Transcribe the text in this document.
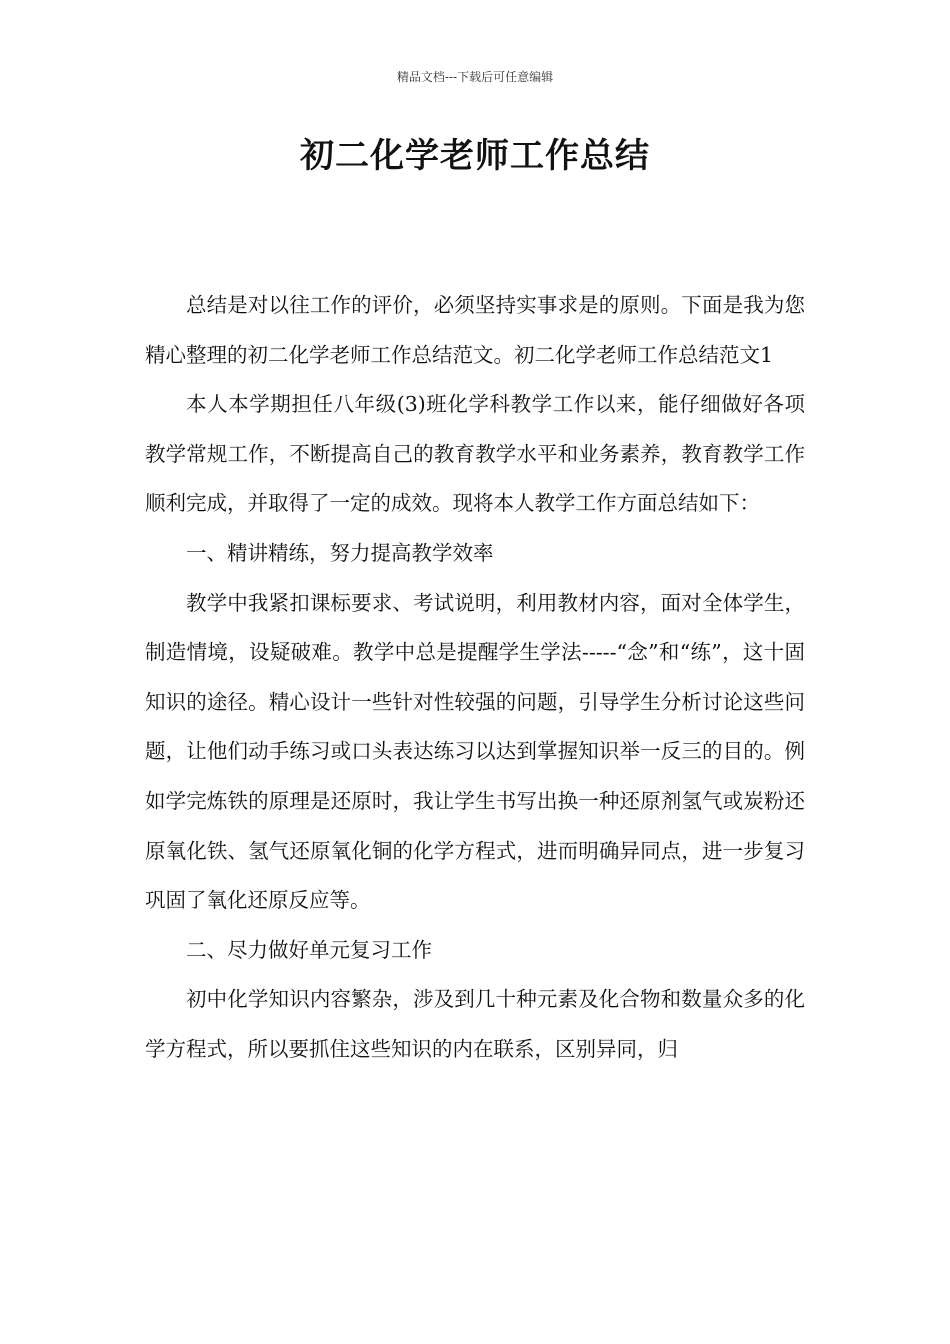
精品文档---下载后可任意编辑
初二化学老师工作总结

总结是对以往工作的评价，必须坚持实事求是的原则。下面是我为您精心整理的初二化学老师工作总结范文。初二化学老师工作总结范文1

本人本学期担任八年级(3)班化学科教学工作以来，能仔细做好各项教学常规工作，不断提高自己的教育教学水平和业务素养，教育教学工作顺利完成，并取得了一定的成效。现将本人教学工作方面总结如下：

一、精讲精练，努力提高教学效率

教学中我紧扣课标要求、考试说明，利用教材内容，面对全体学生，制造情境，设疑破难。教学中总是提醒学生学法-----“念”和“练”，这十固知识的途径。精心设计一些针对性较强的问题，引导学生分析讨论这些问题，让他们动手练习或口头表达练习以达到掌握知识举一反三的目的。例如学完炼铁的原理是还原时，我让学生书写出换一种还原剂氢气或炭粉还原氧化铁、氢气还原氧化铜的化学方程式，进而明确异同点，进一步复习巩固了氧化还原反应等。

二、尽力做好单元复习工作

初中化学知识内容繁杂，涉及到几十种元素及化合物和数量众多的化学方程式，所以要抓住这些知识的内在联系，区别异同，归
